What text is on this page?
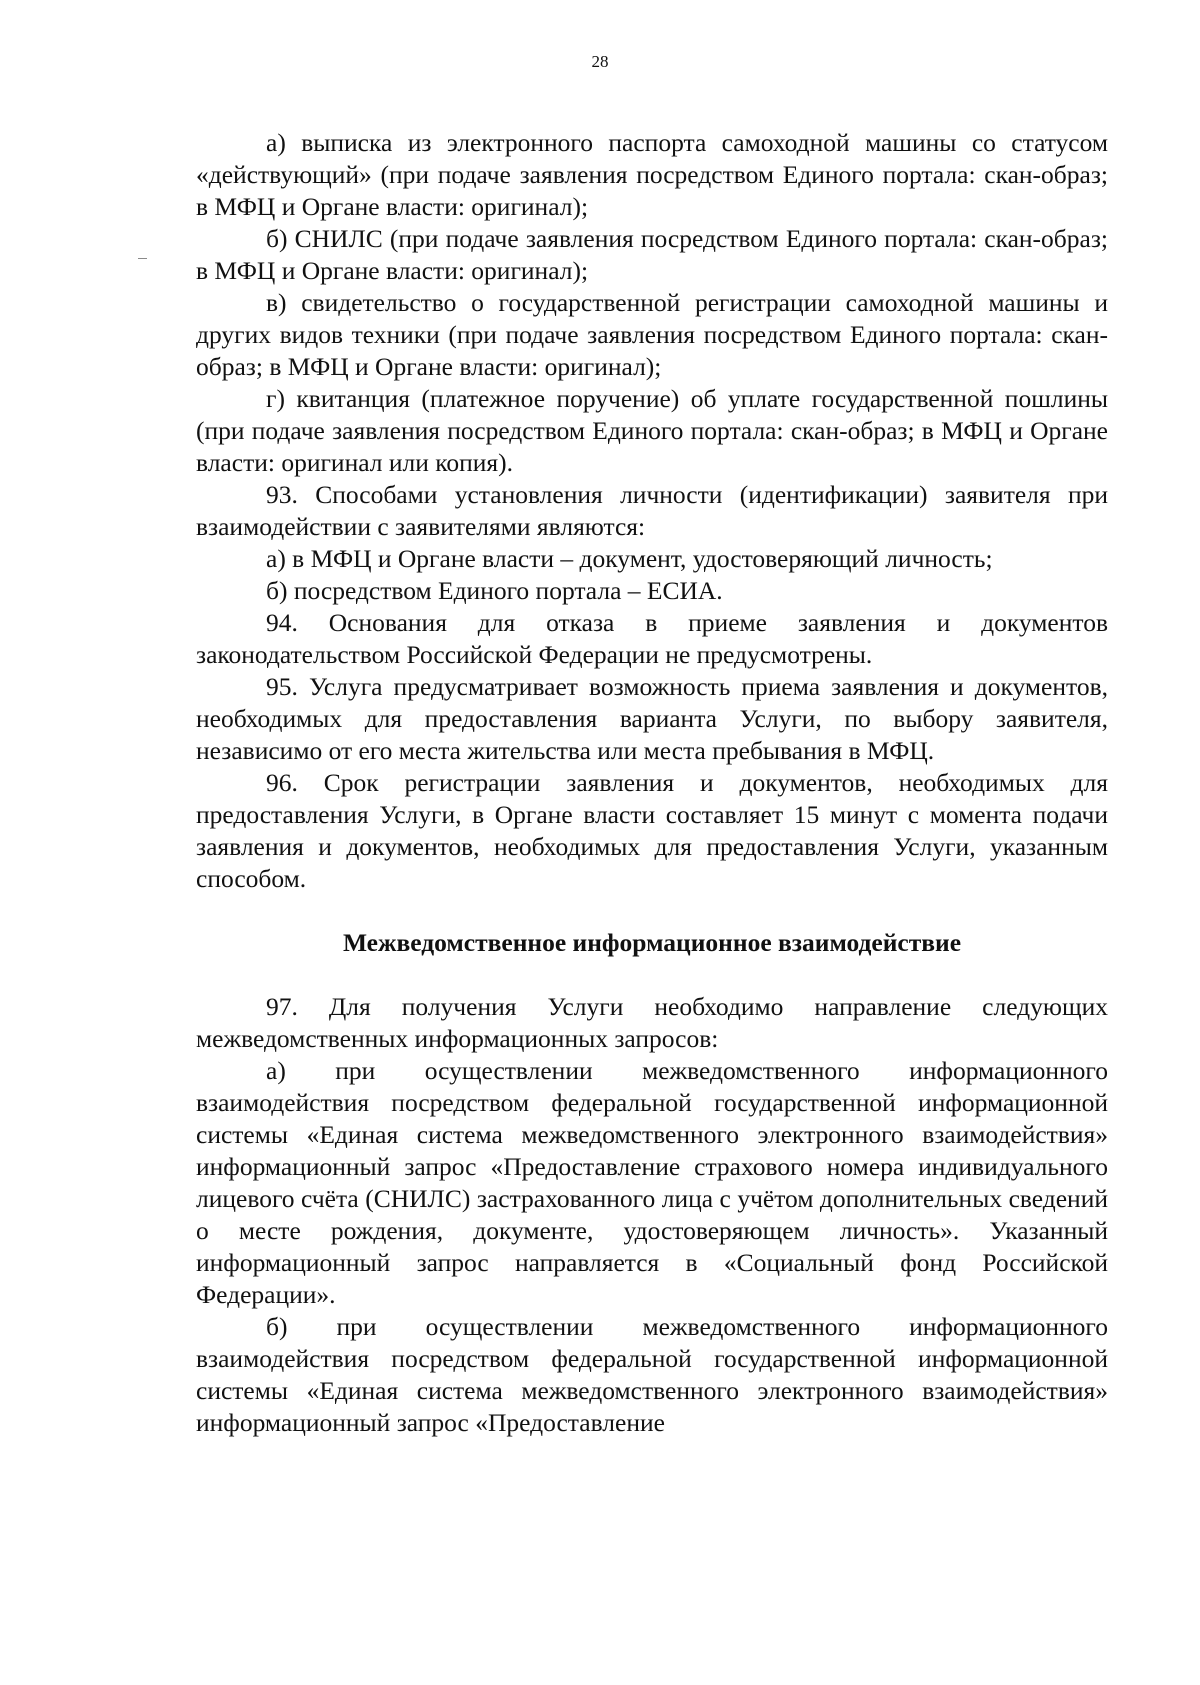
28

а) выписка из электронного паспорта самоходной машины со статусом «действующий» (при подаче заявления посредством Единого портала: скан-образ; в МФЦ и Органе власти: оригинал);

б) СНИЛС (при подаче заявления посредством Единого портала: скан-образ; в МФЦ и Органе власти: оригинал);

в) свидетельство о государственной регистрации самоходной машины и других видов техники (при подаче заявления посредством Единого портала: скан-образ; в МФЦ и Органе власти: оригинал);

г) квитанция (платежное поручение) об уплате государственной пошлины (при подаче заявления посредством Единого портала: скан-образ; в МФЦ и Органе власти: оригинал или копия).

93. Способами установления личности (идентификации) заявителя при взаимодействии с заявителями являются:

а) в МФЦ и Органе власти – документ, удостоверяющий личность;

б) посредством Единого портала – ЕСИА.

94. Основания для отказа в приеме заявления и документов законодательством Российской Федерации не предусмотрены.

95. Услуга предусматривает возможность приема заявления и документов, необходимых для предоставления варианта Услуги, по выбору заявителя, независимо от его места жительства или места пребывания в МФЦ.

96. Срок регистрации заявления и документов, необходимых для предоставления Услуги, в Органе власти составляет 15 минут с момента подачи заявления и документов, необходимых для предоставления Услуги, указанным способом.

Межведомственное информационное взаимодействие

97. Для получения Услуги необходимо направление следующих межведомственных информационных запросов:

а) при осуществлении межведомственного информационного взаимодействия посредством федеральной государственной информационной системы «Единая система межведомственного электронного взаимодействия» информационный запрос «Предоставление страхового номера индивидуального лицевого счёта (СНИЛС) застрахованного лица с учётом дополнительных сведений о месте рождения, документе, удостоверяющем личность». Указанный информационный запрос направляется в «Социальный фонд Российской Федерации».

б) при осуществлении межведомственного информационного взаимодействия посредством федеральной государственной информационной системы «Единая система межведомственного электронного взаимодействия» информационный запрос «Предоставление
